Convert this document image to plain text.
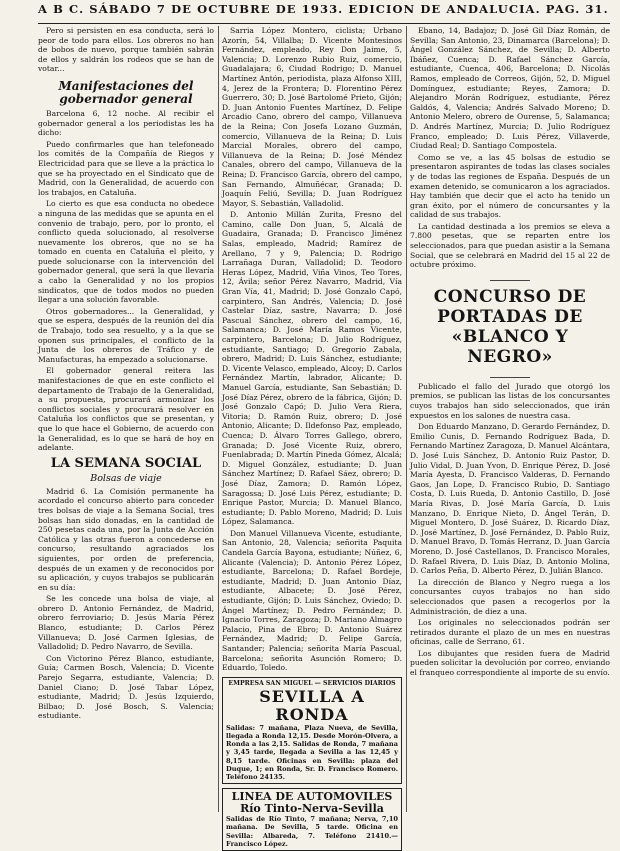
A B C. SÁBADO 7 DE OCTUBRE DE 1933. EDICION DE ANDALUCIA. PAG. 31.

Pero si persisten en esa conducta, será lo peor de todo para ellos. Los obreros no han de bobos de nuevo, porque también sabrán de ellos y saldrán los rodeos que se han de votar...

Manifestaciones del gobernador general

Barcelona 6, 12 noche. Al recibir el gobernador general a los periodistas les ha dicho:

Puedo confirmarles que han telefoneado los comités de la Compañía de Riegos y Electricidad para que se lleve a la práctica lo que se ha proyectado en el Sindicato que de Madrid, con la Generalidad, de acuerdo con los trabajos, en Cataluña.

Lo cierto es que esa conducta no obedece a ninguna de las medidas que se apunta en el convenio de trabajo, pero, por lo pronto, el conflicto queda solucionado, al resolverse nuevamente los obreros, que no se ha tomado en cuenta en Cataluña el pleito, y puede solucionarse con la intervención del gobernador general, que será la que llevaría a cabo la Generalidad y no los propios sindicatos, que de todos modos no pueden llegar a una solución favorable.

Otros gobernadores... la Generalidad, y que se espera, después de la reunión del día de Trabajo, todo sea resuelto, y a la que se oponen sus principales, el conflicto de la Junta de los obreros de Tráfico y de Manufacturas, ha empezado a solucionarse.

El gobernador general reitera las manifestaciones de que en este conflicto el departamento de Trabajo de la Generalidad, a su propuesta, procurará armonizar los conflictos sociales y procurará resolver en Cataluña los conflictos que se presentan, y que lo que hace el Gobierno, de acuerdo con la Generalidad, es lo que se hará de hoy en adelante.

LA SEMANA SOCIAL
Bolsas de viaje

Madrid 6. La Comisión permanente ha acordado el concurso abierto para conceder tres bolsas de viaje a la Semana Social, tres bolsas han sido donadas, en la cantidad de 250 pesetas cada una, por la Junta de Acción Católica y las otras fueron a concederse en concurso, resultando agraciados los siguientes, por orden de preferencia, después de un examen y de reconocidos por su aplicación, y cuyos trabajos se publicarán en su día:

Se les concede una bolsa de viaje, al obrero D. Antonio Fernández, de Madrid, obrero ferroviario; D. Jesús María Pérez Blanco, estudiante; D. Carlos Pérez Villanueva; D. José Carmen Iglesias, de Valladolid; D. Pedro Navarro, de Sevilla.

Con Victorino Pérez Blanco, estudiante, Guía; Carmen Bosch, Valencia; D. Vicente Parejo Segarra, estudiante, Valencia; D. Daniel Ciano; D. José Tabar López, estudiante, Madrid; D. Jesús Izquierdo, Bilbao; D. José Bosch, S. Valencia; estudiante.

Sarria López Montero, ciclista; Urbano Azorín, 54, Villalba; D. Vicente Montesinos Fernández, empleado, Rey Don Jaime, 5, Valencia; D. Lorenzo Rubio Ruiz, comercio, Guadalajara; 6, Ciudad Rodrigo; D. Manuel Martínez Antón, periodista, plaza Alfonso XIII, 4, Jerez de la Frontera; D. Florentino Pérez Guerrero, 30; D. José Bartolomé Prieto, Gijón; D. Juan Antonio Fuentes Martínez, D. Felipe Arcadio Cano, obrero del campo, Villanueva de la Reina; Con Josefa Lozano Guzmán, comercio, Villanueva de la Reina; D. Luis Marcial Morales, obrero del campo, Villanueva de la Reina; D. José Méndez Canales, obrero del campo, Villanueva de la Reina; D. Francisco García, obrero del campo, San Fernando, Almuñécar, Granada; D. Joaquín Feliú, Sevilla; D. Juan Rodríguez Mayor, S. Sebastián, Valladolid.

D. Antonio Millán Zurita, Fresno del Camino, calle Don Juan, 5, Alcalá de Guadaira, Granada; D. Francisco Jiménez Salas, empleado, Madrid; Ramírez de Arellano, 7 y 9, Palencia; D. Rodrigo Larrañaga Duran, Valladolid; D. Teodoro Heras López, Madrid, Viña Vinos, Teo Tores, 12, Ávila; señor Pérez Navarro, Madrid, Vía Gran Vía, 41, Madrid; D. José Gonzalo Capó, carpintero, San Andrés, Valencia; D. José Castelar Díaz, sastre, Navarra; D. José Pascual Sánchez, obrero del campo, 16, Salamanca; D. José María Ramos Vicente, carpintero, Barcelona; D. Julio Rodríguez, estudiante, Santiago; D. Gregorio Zabala, obrero, Madrid; D. Luis Sánchez, estudiante; D. Vicente Velasco, empleado, Alcoy; D. Carlos Fernández Martín, labrador, Alicante; D. Manuel García, estudiante, San Sebastián; D. José Díaz Pérez, obrero de la fábrica, Gijón; D. José Gonzalo Capó; D. Julio Vera Riera, Vitoria; D. Ramón Ruiz, obrero; D. José Antonio, Alicante; D. Ildefonso Paz, empleado, Cuenca; D. Álvaro Torres Gallego, obrero, Granada; D. José Vicente Ruiz, obrero, Fuenlabrada; D. Martín Pineda Gómez, Alcalá; D. Miguel González, estudiante; D. Juan Sánchez Martínez; D. Rafael Sáez, obrero; D. José Díaz, Zamora; D. Ramón López, Saragossa; D. José Luis Pérez, estudiante; D. Enrique Pastor, Murcia; D. Manuel Blanco, estudiante; D. Pablo Moreno, Madrid; D. Luis López, Salamanca.

Don Manuel Villanueva Vicente, estudiante, San Antonio, 28, Valencia; señorita Paquita Candela García Bayona, estudiante; Núñez, 6, Alicante (Valencia); D. Antonio Pérez López, estudiante, Barcelona; D. Rafael Bordeje, estudiante, Madrid; D. Juan Antonio Díaz, estudiante, Albacete; D. José Pérez, estudiante, Gijón; D. Luis Sánchez, Oviedo; D. Ángel Martínez; D. Pedro Fernández; D. Ignacio Torres, Zaragoza; D. Mariano Almagro Palacio, Pina de Ebro; D. Antonio Suárez Fernández, Madrid; D. Felipe García, Santander; Palencia; señorita María Pascual, Barcelona; señorita Asunción Romero; D. Eduardo, Toledo.

EMPRESA SAN MIGUEL — SERVICIOS DIARIOS
SEVILLA A RONDA
Salidas: 7 mañana, Plaza Nueva, de Sevilla, llegada a Ronda 12,15. Desde Morón-Olvera, a Ronda a las 2,15. Salidas de Ronda, 7 mañana y 3,45 tarde, llegada a Sevilla a las 12,45 y 8,15 tarde. Oficinas en Sevilla: plaza del Duque, 1; en Ronda, Sr. D. Francisco Romero. Teléfono 24135.
LINEA DE AUTOMOVILES
Río Tinto-Nerva-Sevilla
Salidas de Río Tinto, 7 mañana; Nerva, 7,10 mañana. De Sevilla, 5 tarde. Oficina en Sevilla: Albareda, 7. Teléfono 21410.—Francisco López.

Ebano, 14, Badajoz; D. José Gil Díaz Román, de Sevilla; San Antonio, 23, Dinamarca (Barcelona); D. Ángel González Sánchez, de Sevilla; D. Alberto Ibáñez, Cuenca; D. Rafael Sánchez García, estudiante, Cuenca, 406, Barcelona; D. Nicolás Ramos, empleado de Correos, Gijón, 52, D. Miguel Domínguez, estudiante; Reyes, Zamora; D. Alejandro Morán Rodríguez, estudiante, Pérez Galdós, 4, Valencia; Andrés Salvado Moreno; D. Antonio Melero, obrero de Ourense, 5, Salamanca; D. Andrés Martínez, Murcia; D. Julio Rodríguez Franco, empleado; D. Luis Pérez, Villaverde, Ciudad Real; D. Santiago Compostela.

Como se ve, a las 45 bolsas de estudio se presentaron aspirantes de todas las clases sociales y de todas las regiones de España. Después de un examen detenido, se comunicaron a los agraciados. Hay también que decir que el acto ha tenido un gran éxito, por el número de concursantes y la calidad de sus trabajos.

La cantidad destinada a los premios se eleva a 7.800 pesetas, que se reparten entre los seleccionados, para que puedan asistir a la Semana Social, que se celebrará en Madrid del 15 al 22 de octubre próximo.

CONCURSO DE PORTADAS DE «BLANCO Y NEGRO»

Publicado el fallo del Jurado que otorgó los premios, se publican las listas de los concursantes cuyos trabajos han sido seleccionados, que irán expuestos en los salones de nuestra casa.

Don Eduardo Manzano, D. Gerardo Fernández, D. Emilio Cunis, D. Fernando Rodríguez Bada, D. Fernando Martínez Zaragoza, D. Manuel Alcántara, D. José Luis Sánchez, D. Antonio Ruiz Pastor, D. Julio Vidal, D. Juan Yvon, D. Enrique Pérez, D. José María Ayesta, D. Francisco Valderas, D. Fernando Gaos, Jan Lope, D. Francisco Rubio, D. Santiago Costa, D. Luis Rueda, D. Antonio Castillo, D. José María Rivas, D. José María García, D. Luis Manzano, D. Enrique Nieto, D. Ángel Terán, D. Miguel Montero, D. José Suárez, D. Ricardo Díaz, D. José Martínez, D. José Fernández, D. Pablo Ruiz, D. Manuel Bravo, D. Tomás Herranz, D. Juan García Moreno, D. José Castellanos, D. Francisco Morales, D. Rafael Rivera, D. Luis Díaz, D. Antonio Molina, D. Carlos Peña, D. Alberto Pérez, D. Julián Blanco.

La dirección de Blanco y Negro ruega a los concursantes cuyos trabajos no han sido seleccionados que pasen a recogerlos por la Administración, de diez a una.

Los originales no seleccionados podrán ser retirados durante el plazo de un mes en nuestras oficinas, calle de Serrano, 61.

Los dibujantes que residen fuera de Madrid pueden solicitar la devolución por correo, enviando el franqueo correspondiente al importe de su envío.
